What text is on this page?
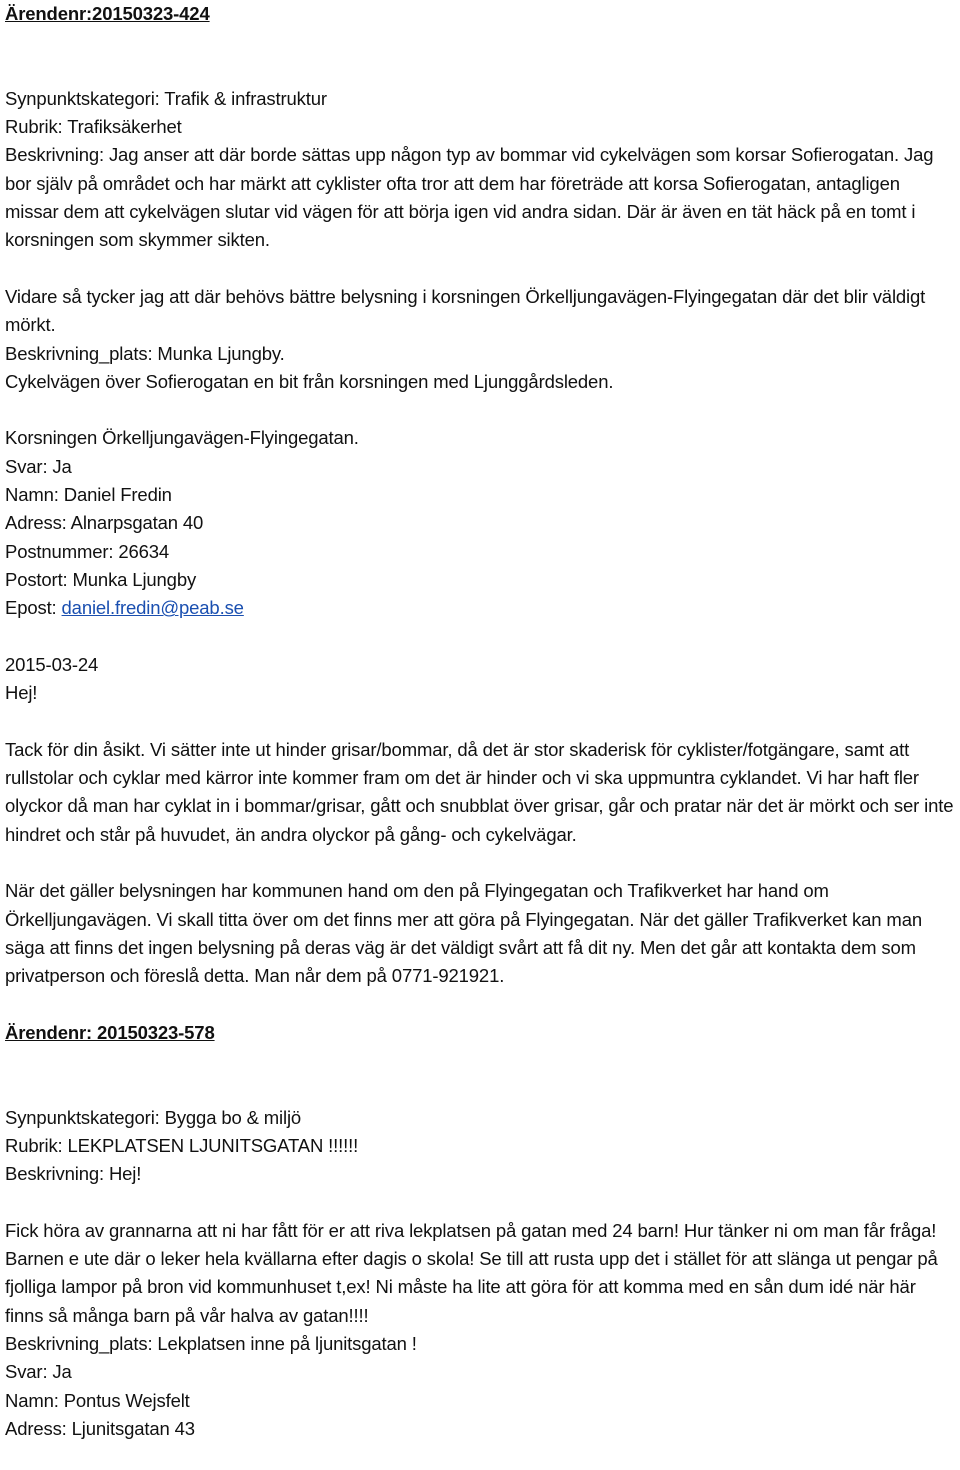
Ärendenr:20150323-424
Synpunktskategori: Trafik & infrastruktur
Rubrik: Trafiksäkerhet

Beskrivning: Jag anser att där borde sättas upp någon typ av bommar vid cykelvägen som korsar Sofierogatan. Jag bor själv på området och har märkt att cyklister ofta tror att dem har företräde att korsa Sofierogatan, antagligen missar dem att cykelvägen slutar vid vägen för att börja igen vid andra sidan. Där är även en tät häck på en tomt i korsningen som skymmer sikten.

Vidare så tycker jag att där behövs bättre belysning i korsningen Örkelljungavägen-Flyingegatan där det blir väldigt mörkt.

Beskrivning_plats: Munka Ljungby.
Cykelvägen över Sofierogatan en bit från korsningen med Ljunggårdsleden.
Korsningen Örkelljungavägen-Flyingegatan.
Svar: Ja
Namn: Daniel Fredin
Adress: Alnarpsgatan 40
Postnummer: 26634
Postort: Munka Ljungby
Epost: daniel.fredin@peab.se
2015-03-24
Hej!

Tack för din åsikt. Vi sätter inte ut hinder grisar/bommar, då det är stor skaderisk för cyklister/fotgängare, samt att rullstolar och cyklar med kärror inte kommer fram om det är hinder och vi ska uppmuntra cyklandet. Vi har haft fler olyckor då man har cyklat in i bommar/grisar, gått och snubblat över grisar, går och pratar när det är mörkt och ser inte hindret och står på huvudet, än andra olyckor på gång- och cykelvägar.

När det gäller belysningen har kommunen hand om den på Flyingegatan och Trafikverket har hand om Örkelljungavägen. Vi skall titta över om det finns mer att göra på Flyingegatan. När det gäller Trafikverket kan man säga att finns det ingen belysning på deras väg är det väldigt svårt att få dit ny. Men det går att kontakta dem som privatperson och föreslå detta. Man når dem på 0771-921921.

Ärendenr: 20150323-578
Synpunktskategori: Bygga bo & miljö
Rubrik: LEKPLATSEN LJUNITSGATAN !!!!!!
Beskrivning: Hej!

Fick höra av grannarna att ni har fått för er att riva lekplatsen på gatan med 24 barn! Hur tänker ni om man får fråga! Barnen e ute där o leker hela kvällarna efter dagis o skola! Se till att rusta upp det i stället för att slänga ut pengar på fjolliga lampor på bron vid kommunhuset t,ex! Ni måste ha lite att göra för att komma med en sån dum idé när här finns så många barn på vår halva av gatan!!!!

Beskrivning_plats: Lekplatsen inne på ljunitsgatan !
Svar: Ja
Namn: Pontus Wejsfelt
Adress: Ljunitsgatan 43
